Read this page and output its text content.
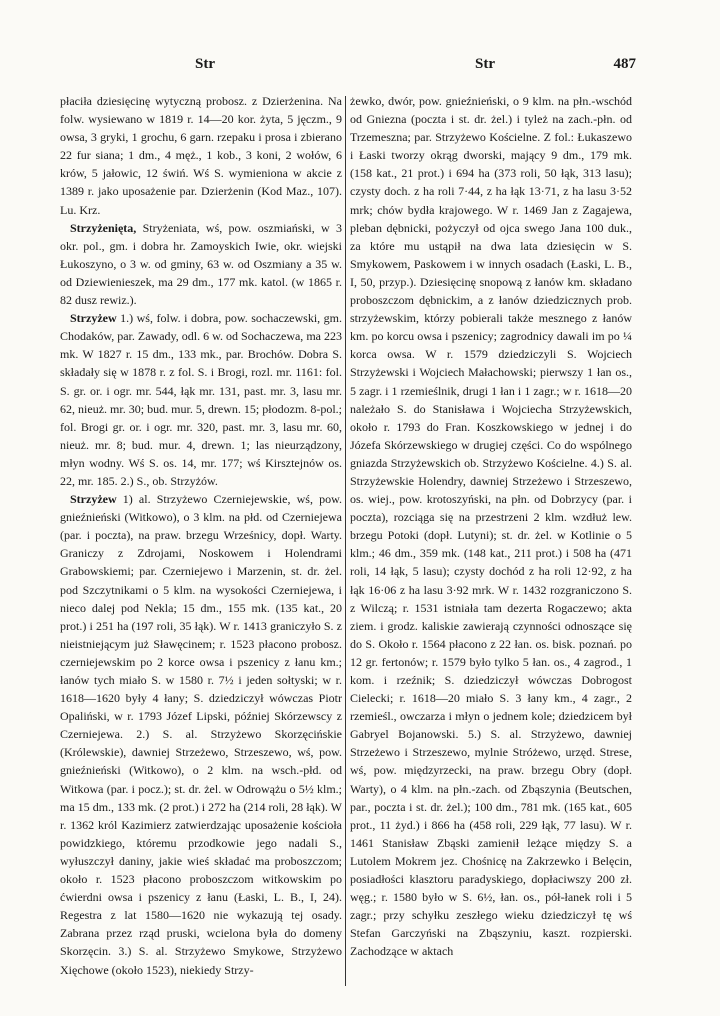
Str	Str	487

płaciła dziesięcinę wytyczną probosz. z Dzierżenina. Na folw. wysiewano w 1819 r. 14—20 kor. żyta, 5 jęczm., 9 owsa, 3 gryki, 1 grochu, 6 garn. rzepaku i prosa i zbierano 22 fur siana; 1 dm., 4 męż., 1 kob., 3 koni, 2 wołów, 6 krów, 5 jałowic, 12 świń. Wś S. wymieniona w akcie z 1389 r. jako uposażenie par. Dzierżenin (Kod Maz., 107). Lu. Krz.

Strzyżenięta, Stryżeniata, wś, pow. oszmiański, w 3 okr. pol., gm. i dobra hr. Zamoyskich Iwie, okr. wiejski Łukoszyno, o 3 w. od gminy, 63 w. od Oszmiany a 35 w. od Dziewienieszek, ma 29 dm., 177 mk. katol. (w 1865 r. 82 dusz rewiz.).

Strzyżew 1.) wś, folw. i dobra, pow. sochaczewski, gm. Chodaków, par. Zawady, odl. 6 w. od Sochaczewa, ma 223 mk. W 1827 r. 15 dm., 133 mk., par. Brochów. Dobra S. składały się w 1878 r. z fol. S. i Brogi, rozl. mr. 1161: fol. S. gr. or. i ogr. mr. 544, łąk mr. 131, past. mr. 3, lasu mr. 62, nieuż. mr. 30; bud. mur. 5, drewn. 15; płodozm. 8-pol.; fol. Brogi gr. or. i ogr. mr. 320, past. mr. 3, lasu mr. 60, nieuż. mr. 8; bud. mur. 4, drewn. 1; las nieurządzony, młyn wodny. Wś S. os. 14, mr. 177; wś Kirsztejnów os. 22, mr. 185. 2.) S., ob. Strzyżów.

Strzyżew 1) al. Strzyżewo Czerniejewskie, wś, pow. gnieźnieński (Witkowo), o 3 klm. na płd. od Czerniejewa (par. i poczta), na praw. brzegu Wrześnicy, dopł. Warty. Graniczy z Zdrojami, Noskowem i Holendrami Grabowskiemi; par. Czerniejewo i Marzenin, st. dr. żel. pod Szczytnikami o 5 klm. na wysokości Czerniejewa, i nieco dalej pod Nekla; 15 dm., 155 mk. (135 kat., 20 prot.) i 251 ha (197 roli, 35 łąk). W r. 1413 graniczyło S. z nieistniejącym już Sławęcinem; r. 1523 płacono probosz. czerniejewskim po 2 korce owsa i pszenicy z łanu km.; łanów tych miało S. w 1580 r. 7½ i jeden sołtyski; w r. 1618—1620 były 4 łany; S. dziedziczył wówczas Piotr Opaliński, w r. 1793 Józef Lipski, później Skórzewscy z Czerniejewa. 2.) S. al. Strzyżewo Skorzęcińskie (Królewskie), dawniej Strzeżewo, Strzeszewo, wś, pow. gnieźnieński (Witkowo), o 2 klm. na wsch.-płd. od Witkowa (par. i pocz.); st. dr. żel. w Odrowążu o 5½ klm.; ma 15 dm., 133 mk. (2 prot.) i 272 ha (214 roli, 28 łąk). W r. 1362 król Kazimierz zatwierdzając uposażenie kościoła powidzkiego, któremu przodkowie jego nadali S., wyłuszczył daniny, jakie wieś składać ma proboszczom; około r. 1523 płacono proboszczom witkowskim po ćwierdni owsa i pszenicy z łanu (Łaski, L. B., I, 24). Regestra z lat 1580—1620 nie wykazują tej osady. Zabrana przez rząd pruski, wcielona była do domeny Skorzęcin. 3.) S. al. Strzyżewo Smykowe, Strzyżewo Xięchowe (około 1523), niekiedy Strzy-

żewko, dwór, pow. gnieźnieński, o 9 klm. na płn.-wschód od Gniezna (poczta i st. dr. żel.) i tyleż na zach.-płn. od Trzemeszna; par. Strzyżewo Kościelne. Z fol.: Łukaszewo i Łaski tworzy okrąg dworski, mający 9 dm., 179 mk. (158 kat., 21 prot.) i 694 ha (373 roli, 50 łąk, 313 lasu); czysty doch. z ha roli 7·44, z ha łąk 13·71, z ha lasu 3·52 mrk; chów bydła krajowego. W r. 1469 Jan z Zagajewa, pleban dębnicki, pożyczył od ojca swego Jana 100 duk., za które mu ustąpił na dwa lata dziesięcin w S. Smykowem, Paskowem i w innych osadach (Łaski, L. B., I, 50, przyp.). Dziesięcinę snopową z łanów km. składano proboszczom dębnickim, a z łanów dziedzicznych prob. strzyżewskim, którzy pobierali także mesznego z łanów km. po korcu owsa i pszenicy; zagrodnicy dawali im po ¼ korca owsa. W r. 1579 dziedziczyli S. Wojciech Strzyżewski i Wojciech Małachowski; pierwszy 1 łan os., 5 zagr. i 1 rzemieślnik, drugi 1 łan i 1 zagr.; w r. 1618—20 należało S. do Stanisława i Wojciecha Strzyżewskich, około r. 1793 do Fran. Koszkowskiego w jednej i do Józefa Skórzewskiego w drugiej części. Co do wspólnego gniazda Strzyżewskich ob. Strzyżewo Kościelne. 4.) S. al. Strzyżewskie Holendry, dawniej Strzeżewo i Strzeszewo, os. wiej., pow. krotoszyński, na płn. od Dobrzycy (par. i poczta), rozciąga się na przestrzeni 2 klm. wzdłuż lew. brzegu Potoki (dopł. Lutyni); st. dr. żel. w Kotlinie o 5 klm.; 46 dm., 359 mk. (148 kat., 211 prot.) i 508 ha (471 roli, 14 łąk, 5 lasu); czysty dochód z ha roli 12·92, z ha łąk 16·06 z ha lasu 3·92 mrk. W r. 1432 rozgraniczono S. z Wilczą; r. 1531 istniała tam dezerta Rogaczewo; akta ziem. i grodz. kaliskie zawierają czynności odnoszące się do S. Około r. 1564 płacono z 22 łan. os. bisk. poznań. po 12 gr. fertonów; r. 1579 było tylko 5 łan. os., 4 zagrod., 1 kom. i rzeźnik; S. dziedziczył wówczas Dobrogost Cielecki; r. 1618—20 miało S. 3 łany km., 4 zagr., 2 rzemieśl., owczarza i młyn o jednem kole; dziedzicem był Gabryel Bojanowski. 5.) S. al. Strzyżewo, dawniej Strzeżewo i Strzeszewo, mylnie Stróżewo, urzęd. Strese, wś, pow. międzyrzecki, na praw. brzegu Obry (dopł. Warty), o 4 klm. na płn.-zach. od Zbąszynia (Beutschen, par., poczta i st. dr. żel.); 100 dm., 781 mk. (165 kat., 605 prot., 11 żyd.) i 866 ha (458 roli, 229 łąk, 77 lasu). W r. 1461 Stanisław Zbąski zamienił leżące między S. a Lutolem Mokrem jez. Chośnicę na Zakrzewko i Belęcin, posiadłości klasztoru paradyskiego, dopłaciwszy 200 zł. węg.; r. 1580 było w S. 6½, łan. os., pół-łanek roli i 5 zagr.; przy schyłku zeszłego wieku dziedziczył tę wś Stefan Garczyński na Zbąszyniu, kaszt. rozpierski. Zachodzące w aktach
